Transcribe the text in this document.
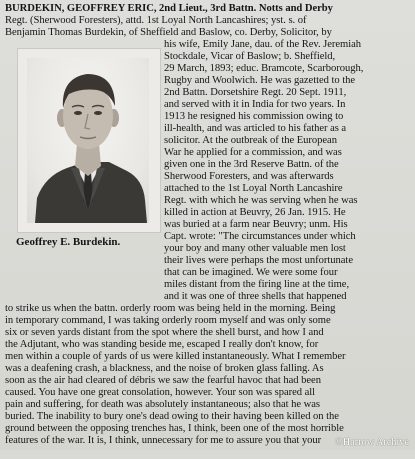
BURDEKIN, GEOFFREY ERIC, 2nd Lieut., 3rd Battn. Notts and Derby
Regt. (Sherwood Foresters), attd. 1st Loyal North Lancashires; yst. s. of
Benjamin Thomas Burdekin, of Sheffield and Baslow, co. Derby, Solicitor, by
his wife, Emily Jane, dau. of the Rev. Jeremiah
Stockdale, Vicar of Baslow; b. Sheffield,
29 March, 1893; educ. Bramcote, Scarborough,
Rugby and Woolwich. He was gazetted to the
2nd Battn. Dorsetshire Regt. 20 Sept. 1911,
and served with it in India for two years. In
1913 he resigned his commission owing to
ill-health, and was articled to his father as a
solicitor. At the outbreak of the European
War he applied for a commission, and was
given one in the 3rd Reserve Battn. of the
Sherwood Foresters, and was afterwards
attached to the 1st Loyal North Lancashire
Regt. with which he was serving when he was
killed in action at Beuvry, 26 Jan. 1915. He
was buried at a farm near Beuvry; unm. His
Capt. wrote: "The circumstances under which
your boy and many other valuable men lost
their lives were perhaps the most unfortunate
that can be imagined. We were some four
miles distant from the firing line at the time,
and it was one of three shells that happened
Geoffrey E. Burdekin.
to strike us when the battn. orderly room was being held in the morning. Being
in temporary command, I was taking orderly room myself and was only some
six or seven yards distant from the spot where the shell burst, and how I and
the Adjutant, who was standing beside me, escaped I really don't know, for
men within a couple of yards of us were killed instantaneously. What I remember
was a deafening crash, a blackness, and the noise of broken glass falling. As
soon as the air had cleared of débris we saw the fearful havoc that had been
caused. You have one great consolation, however. Your son was spared all
pain and suffering, for death was absolutely instantaneous; also that he was
buried. The inability to bury one's dead owing to their having been killed on the
ground between the opposing trenches has, I think, been one of the most horrible
features of the war. It is, I think, unnecessary for me to assure you that your ©Harrow Archive
